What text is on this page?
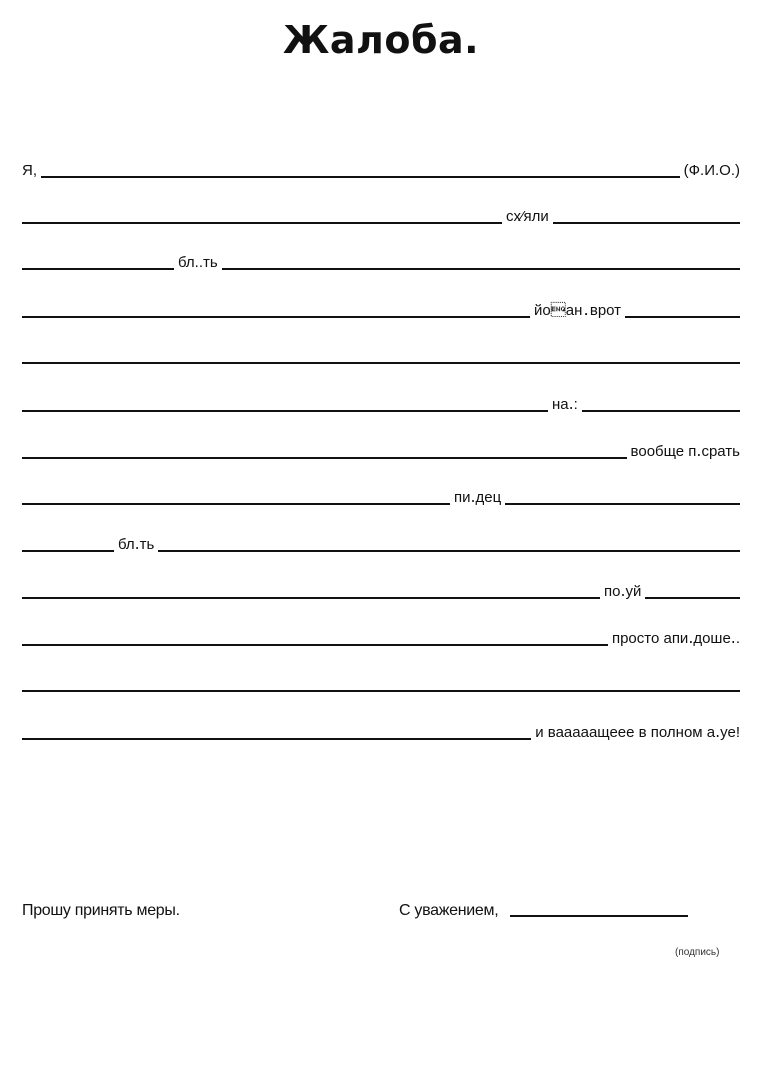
Жалоба.
Я,	(Ф.И.О.)
сх⁄яли
бл..ть
йоан․врот
на․:
вообще п․срать
пи․дец
бл․ть
по․уй
просто апи․доше․.
и вааааащеее в полном а․уе!
Прошу принять меры.	С уважением,
(подпись)
